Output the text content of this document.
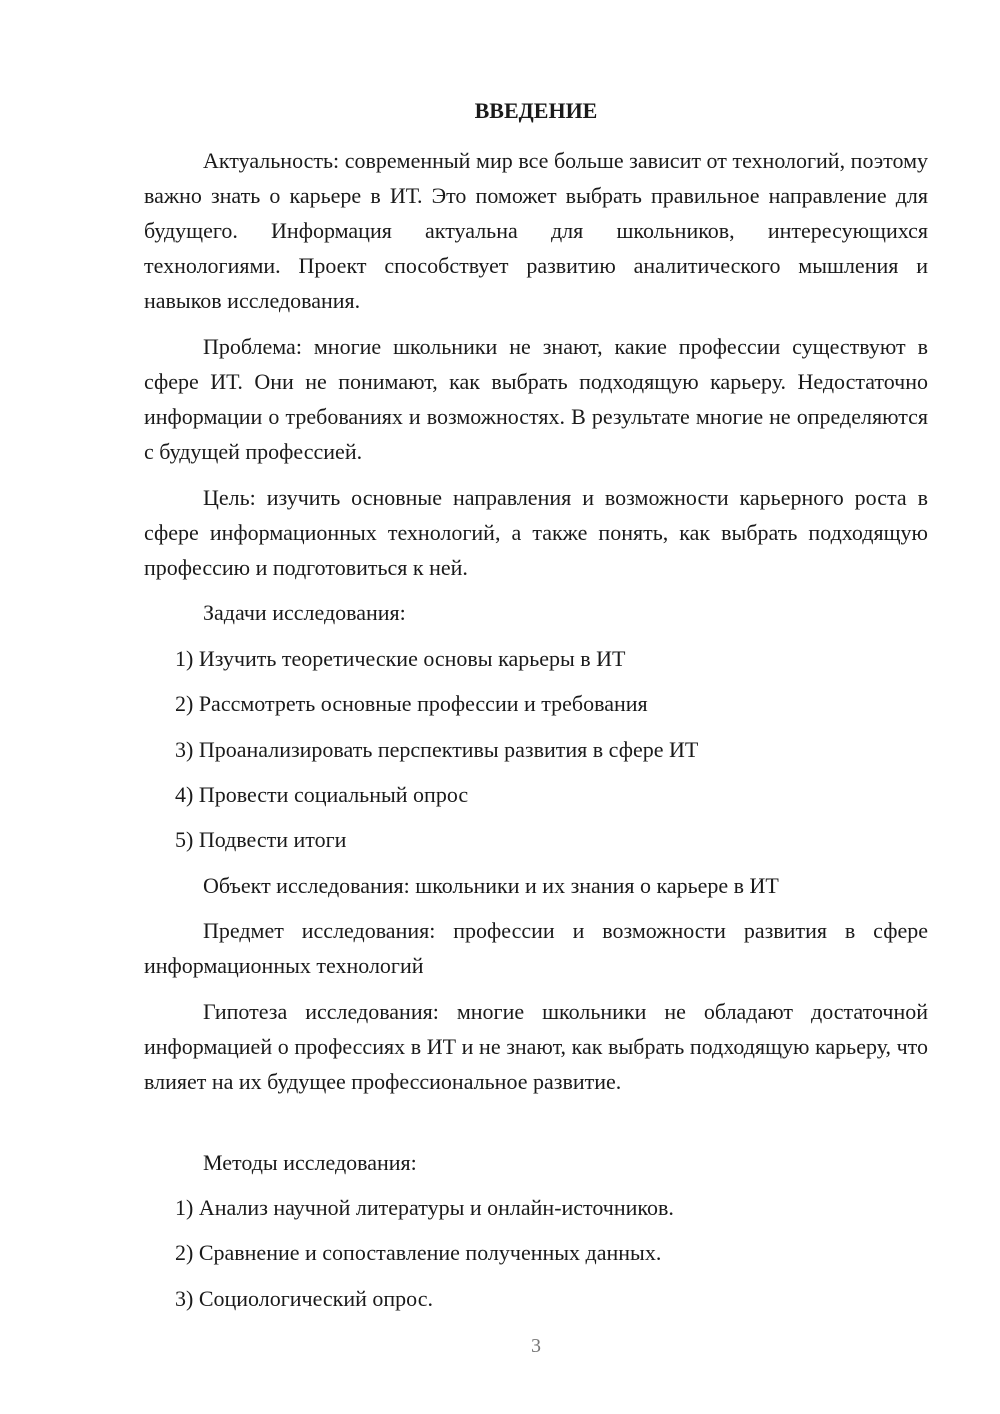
ВВЕДЕНИЕ

Актуальность: современный мир все больше зависит от технологий, поэтому важно знать о карьере в ИТ. Это поможет выбрать правильное направление для будущего. Информация актуальна для школьников, интересующихся технологиями. Проект способствует развитию аналитического мышления и навыков исследования.

Проблема: многие школьники не знают, какие профессии существуют в сфере ИТ. Они не понимают, как выбрать подходящую карьеру. Недостаточно информации о требованиях и возможностях. В результате многие не определяются с будущей профессией.

Цель: изучить основные направления и возможности карьерного роста в сфере информационных технологий, а также понять, как выбрать подходящую профессию и подготовиться к ней.

Задачи исследования:

1) Изучить теоретические основы карьеры в ИТ

2) Рассмотреть основные профессии и требования

3) Проанализировать перспективы развития в сфере ИТ

4) Провести социальный опрос

5) Подвести итоги

Объект исследования: школьники и их знания о карьере в ИТ

Предмет исследования: профессии и возможности развития в сфере информационных технологий

Гипотеза исследования: многие школьники не обладают достаточной информацией о профессиях в ИТ и не знают, как выбрать подходящую карьеру, что влияет на их будущее профессиональное развитие.

Методы исследования:

1) Анализ научной литературы и онлайн-источников.

2) Сравнение и сопоставление полученных данных.

3) Социологический опрос.

3
